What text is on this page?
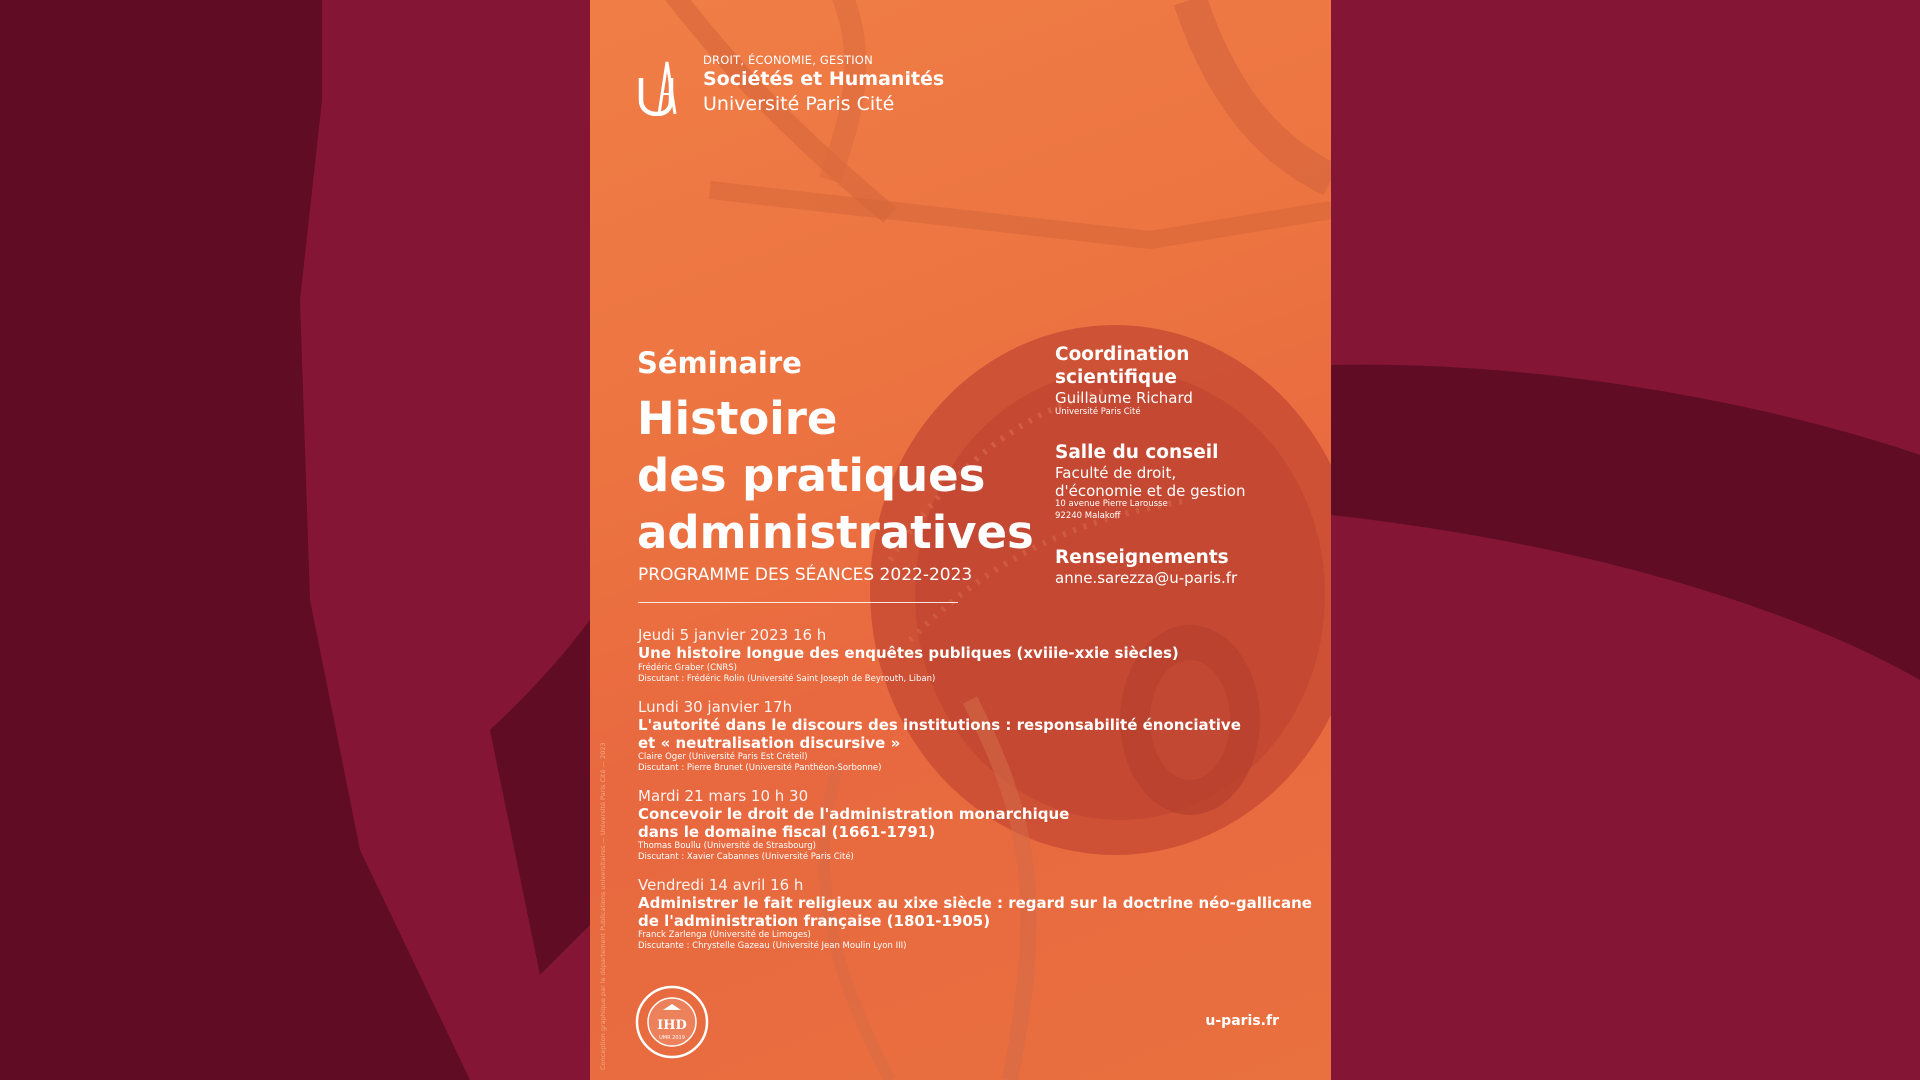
DROIT, ÉCONOMIE, GESTION
Sociétés et Humanités
Université Paris Cité
Séminaire
Histoire
des pratiques
administratives
PROGRAMME DES SÉANCES 2022-2023
Coordination
scientifique
Guillaume Richard
Université Paris Cité
Salle du conseil
Faculté de droit,
d'économie et de gestion
10 avenue Pierre Larousse
92240 Malakoff
Renseignements
anne.sarezza@u-paris.fr
Jeudi 5 janvier 2023 16 h
Une histoire longue des enquêtes publiques (xviiie-xxie siècles)
Frédéric Graber (CNRS)
Discutant : Frédéric Rolin (Université Saint Joseph de Beyrouth, Liban)
Lundi 30 janvier 17h
L'autorité dans le discours des institutions : responsabilité énonciative
et « neutralisation discursive »
Claire Oger (Université Paris Est Créteil)
Discutant : Pierre Brunet (Université Panthéon-Sorbonne)
Mardi 21 mars 10 h 30
Concevoir le droit de l'administration monarchique
dans le domaine fiscal (1661-1791)
Thomas Boullu (Université de Strasbourg)
Discutant : Xavier Cabannes (Université Paris Cité)
Vendredi 14 avril 16 h
Administrer le fait religieux au xixe siècle : regard sur la doctrine néo-gallicane
de l'administration française (1801-1905)
Franck Zarlenga (Université de Limoges)
Discutante : Chrystelle Gazeau (Université Jean Moulin Lyon III)
IHD
UMR 2019
u-paris.fr
Conception graphique par le département Publications universitaires — Université Paris Cité — 2023
